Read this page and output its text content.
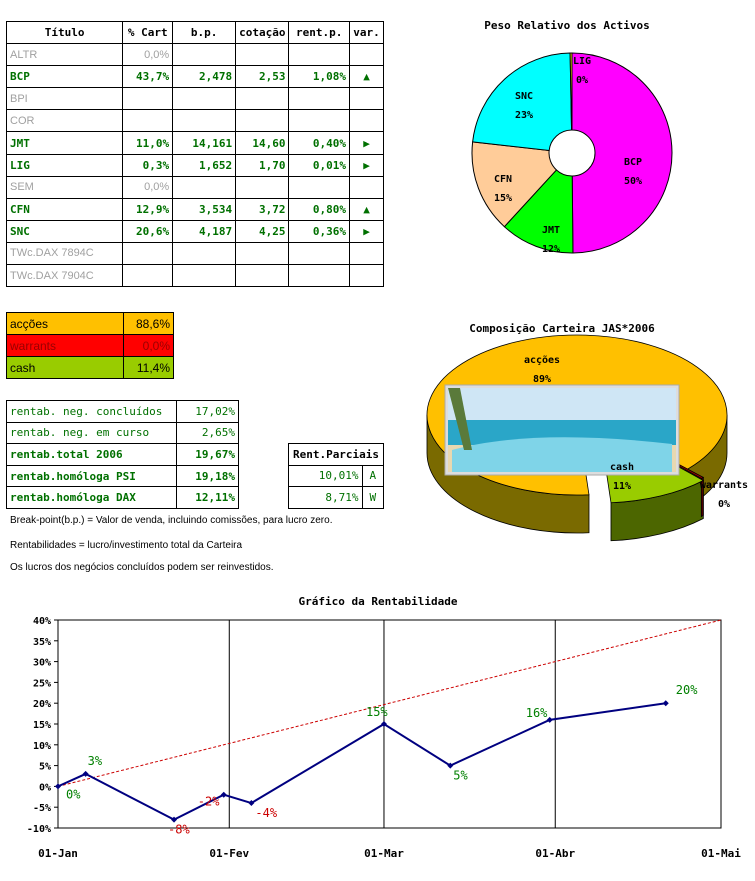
Título	% Cart	b.p.	cotação	rent.p.	var.
ALTR	0,0%				
BCP	43,7%	2,478	2,53	1,08%	▲
BPI					
COR					
JMT	11,0%	14,161	14,60	0,40%	▶
LIG	0,3%	1,652	1,70	0,01%	▶
SEM	0,0%				
CFN	12,9%	3,534	3,72	0,80%	▲
SNC	20,6%	4,187	4,25	0,36%	▶
TWc.DAX 7894C					
TWc.DAX 7904C					
acções	88,6%
warrants	0,0%
cash	11,4%
rentab. neg. concluídos	17,02%
rentab. neg. em curso	2,65%
rentab.total 2006	19,67%
rentab.homóloga PSI	19,18%
rentab.homóloga DAX	12,11%
Rent.Parciais	
10,01%	A
8,71%	W
Break-point(b.p.) = Valor de venda, incluindo comissões, para lucro zero.
Rentabilidades = lucro/investimento total da Carteira
Os lucros dos negócios concluídos podem ser reinvestidos.
Peso Relativo dos Activos
BCP
50%
JMT
12%
CFN
15%
SNC
23%
LIG
0%
Composição Carteira JAS*2006
acções
89%
cash
11%	warrants
0%
Gráfico da Rentabilidade
01-Jan	01-Fev	01-Mar	01-Abr	01-Mai
40%
35%
30%
25%
20%
15%
10%
5%
0%
-5%
-10%
0%
3%
-8%
-2%
-4%
15%
5%
16%
20%
